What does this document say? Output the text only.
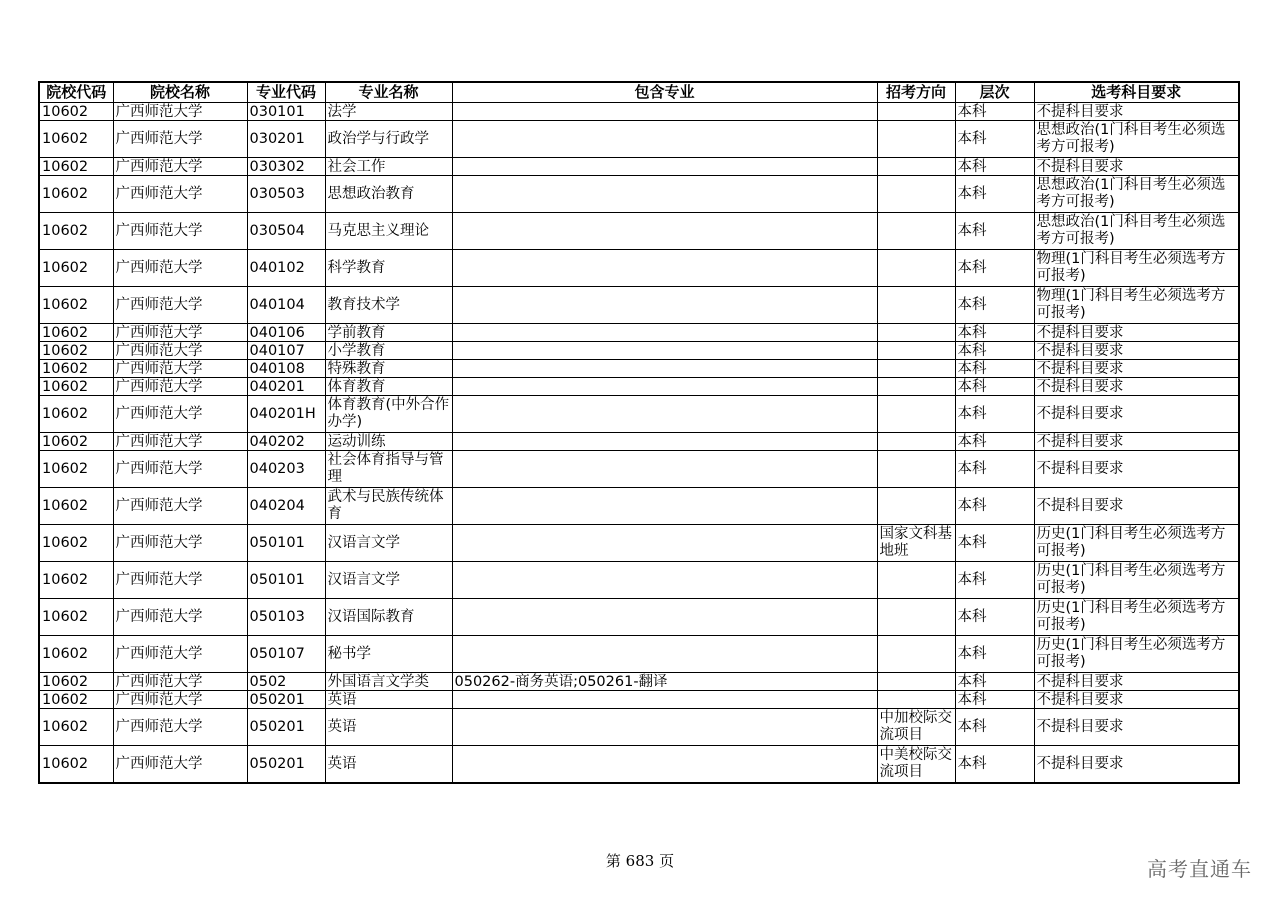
院校代码	院校名称	专业代码	专业名称	包含专业	招考方向	层次	选考科目要求
10602	广西师范大学	030101	法学			本科	不提科目要求
10602	广西师范大学	030201	政治学与行政学			本科	思想政治(1门科目考生必须选考方可报考)
10602	广西师范大学	030302	社会工作			本科	不提科目要求
10602	广西师范大学	030503	思想政治教育			本科	思想政治(1门科目考生必须选考方可报考)
10602	广西师范大学	030504	马克思主义理论			本科	思想政治(1门科目考生必须选考方可报考)
10602	广西师范大学	040102	科学教育			本科	物理(1门科目考生必须选考方可报考)
10602	广西师范大学	040104	教育技术学			本科	物理(1门科目考生必须选考方可报考)
10602	广西师范大学	040106	学前教育			本科	不提科目要求
10602	广西师范大学	040107	小学教育			本科	不提科目要求
10602	广西师范大学	040108	特殊教育			本科	不提科目要求
10602	广西师范大学	040201	体育教育			本科	不提科目要求
10602	广西师范大学	040201H	体育教育(中外合作办学)			本科	不提科目要求
10602	广西师范大学	040202	运动训练			本科	不提科目要求
10602	广西师范大学	040203	社会体育指导与管理			本科	不提科目要求
10602	广西师范大学	040204	武术与民族传统体育			本科	不提科目要求
10602	广西师范大学	050101	汉语言文学		国家文科基地班	本科	历史(1门科目考生必须选考方可报考)
10602	广西师范大学	050101	汉语言文学			本科	历史(1门科目考生必须选考方可报考)
10602	广西师范大学	050103	汉语国际教育			本科	历史(1门科目考生必须选考方可报考)
10602	广西师范大学	050107	秘书学			本科	历史(1门科目考生必须选考方可报考)
10602	广西师范大学	0502	外国语言文学类	050262-商务英语;050261-翻译		本科	不提科目要求
10602	广西师范大学	050201	英语			本科	不提科目要求
10602	广西师范大学	050201	英语		中加校际交流项目	本科	不提科目要求
10602	广西师范大学	050201	英语		中美校际交流项目	本科	不提科目要求
第 683 页	高考直通车
